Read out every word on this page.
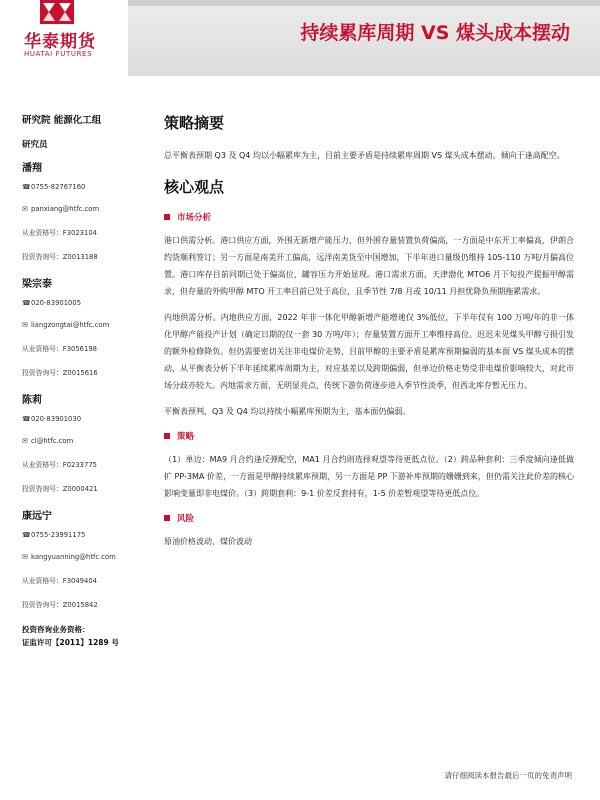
华泰期货
HUATAI FUTURES
持续累库周期 VS 煤头成本摆动
研究院 能源化工组
研究员
潘翔
☎ 0755-82767160
✉ panxiang@htfc.com
从业资格号：F3023104
投资咨询号：Z0013188
梁宗泰
☎ 020-83901005
✉ liangzongtai@htfc.com
从业资格号：F3056198
投资咨询号：Z0015616
陈莉
☎ 020-83901030
✉ cl@htfc.com
从业资格号：F0233775
投资咨询号：Z0000421
康远宁
☎ 0755-23991175
✉ kangyuanning@htfc.com
从业资格号：F3049404
投资咨询号：Z0015842
投资咨询业务资格：
证监许可【2011】1289 号
策略摘要

总平衡表预期 Q3 及 Q4 均以小幅累库为主，目前主要矛盾是持续累库周期 VS 煤头成本摆动。倾向于逢高配空。

核心观点
市场分析

港口供需分析。港口供应方面，外围无新增产能压力，但外围存量装置负荷偏高，一方面是中东开工率偏高，伊朗合约货顺利签订；另一方面是南美开工偏高，远洋南美货至中国增加，下半年进口量级仍维持 105-110 万吨/月偏高位置。港口库存目前同期已处于偏高位，罐容压力开始显现。港口需求方面，天津渤化 MTO6 月下旬投产提振甲醇需求，但存量的外购甲醇 MTO 开工率目前已处于高位，且季节性 7/8 月或 10/11 月担忧降负预期拖累需求。

内地供需分析。内地供应方面，2022 年非一体化甲醇新增产能增速仅 3%低位，下半年仅有 100 万吨/年的非一体化甲醇产能投产计划（确定日期的仅一套 30 万吨/年）；存量装置方面开工率维持高位。迟迟未见煤头甲醇亏损引发的额外检修降负。但仍需要密切关注非电煤价走势，目前甲醇的主要矛盾是累库预期偏弱的基本面 VS 煤头成本的摆动，从平衡表分析下半年延续累库周期为主，对应基差以及跨期偏弱，但单边价格走势受非电煤价影响较大，对此市场分歧亦较大。内地需求方面，无明显亮点，传统下游负荷逐步进入季节性淡季，但西北库存暂无压力。

平衡表预判，Q3 及 Q4 均以持续小幅累库预期为主，基本面仍偏弱。

策略

（1）单边：MA9 月合约逢反弹配空，MA1 月合约则选择观望等待更低点位。（2）跨品种套利：三季度倾向逢低做扩 PP-3MA 价差，一方面是甲醇持续累库预期，另一方面是 PP 下游补库预期的姗姗到来，但仍需关注此价差的核心影响变量即非电煤价。（3）跨期套利：9-1 价差反套持有，1-5 价差暂观望等待更低点位。

风险

原油价格波动，煤价波动

请仔细阅读本报告最后一页的免责声明
